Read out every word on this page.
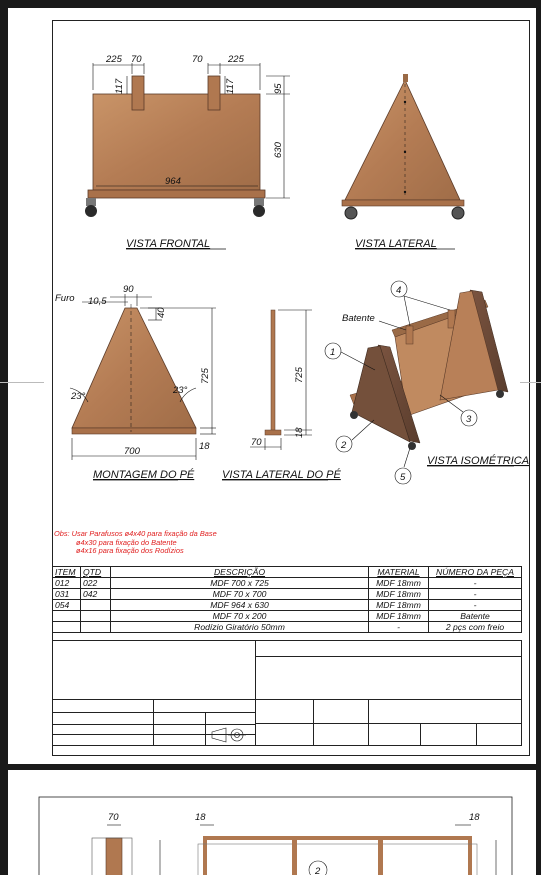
225 70	70	225
117	117	95
630
964
VISTA FRONTAL	VISTA LATERAL
Furo 10,5
90
40
725
23°
23°
700	18
MONTAGEM DO PÉ
725
70
18
VISTA LATERAL DO PÉ
Batente
4
1
2
3
5
VISTA ISOMÉTRICA
70	18	18
2
Obs: Usar Parafusos ø4x40 para fixação da Base
ø4x30 para fixação do Batente
ø4x16 para fixação dos Rodízios
ITEM	QTD	DESCRIÇÃO	MATERIAL	NÚMERO DA PEÇA
012	022	MDF 700 x 725	MDF 18mm	-
031	042	MDF 70 x 700	MDF 18mm	-
054		MDF 964 x 630	MDF 18mm	-
		MDF 70 x 200	MDF 18mm	Batente
		Rodízio Giratório 50mm	-	2 pçs com freio
